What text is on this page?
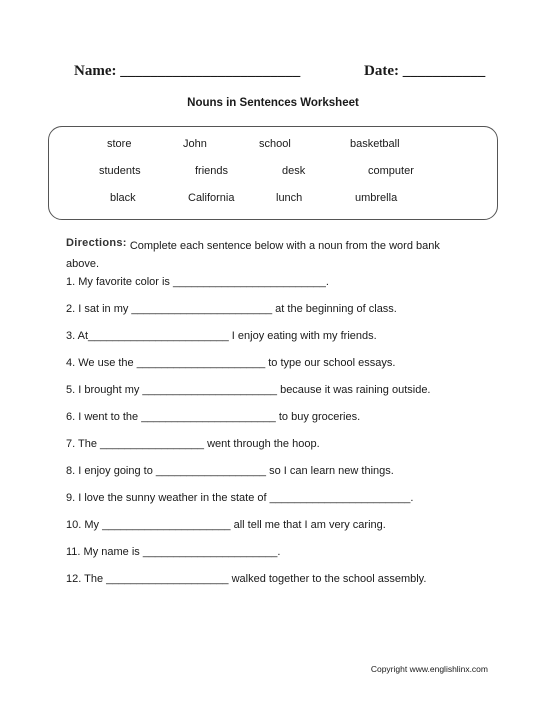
Name: ________________________	Date: ___________
Nouns in Sentences Worksheet
store	John	school	basketball
students	friends	desk	computer
black	California	lunch	umbrella
Directions: Complete each sentence below with a noun from the word bank
above.
1. My favorite color is _________________________.
2. I sat in my _______________________ at the beginning of class.
3. At_______________________ I enjoy eating with my friends.
4. We use the _____________________ to type our school essays.
5. I brought my ______________________ because it was raining outside.
6. I went to the ______________________ to buy groceries.
7. The _________________ went through the hoop.
8. I enjoy going to __________________ so I can learn new things.
9. I love the sunny weather in the state of _______________________.
10. My _____________________ all tell me that I am very caring.
11. My name is ______________________.
12. The ____________________ walked together to the school assembly.
Copyright www.englishlinx.com
